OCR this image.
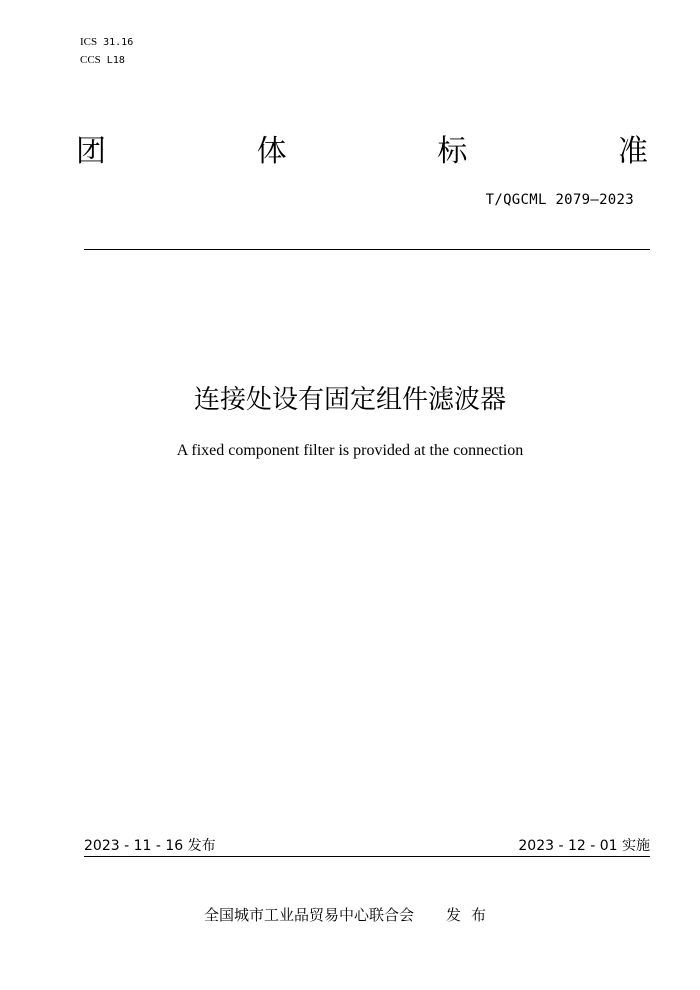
ICS 31.16
CCS L18
团	体	标	准
T/QGCML 2079—2023
连接处设有固定组件滤波器
A fixed component filter is provided at the connection
2023 - 11 - 16 发布	2023 - 12 - 01 实施
全国城市工业品贸易中心联合会 发布
